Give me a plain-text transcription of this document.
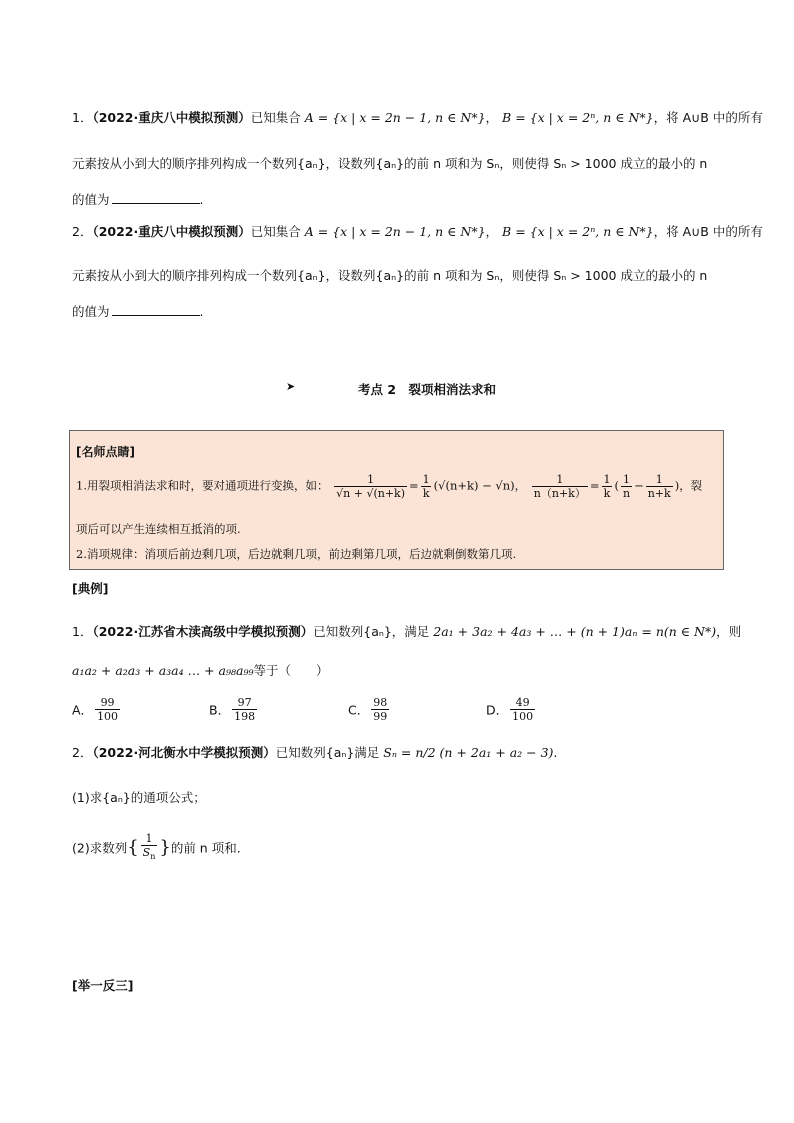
1．（2022·重庆八中模拟预测）已知集合 A = {x | x = 2n − 1, n ∈ N*}， B = {x | x = 2ⁿ, n ∈ N*}，将 A∪B 中的所有
元素按从小到大的顺序排列构成一个数列{aₙ}，设数列{aₙ}的前 n 项和为 Sₙ，则使得 Sₙ > 1000 成立的最小的 n
的值为	.
2．（2022·重庆八中模拟预测）已知集合 A = {x | x = 2n − 1, n ∈ N*}， B = {x | x = 2ⁿ, n ∈ N*}，将 A∪B 中的所有
元素按从小到大的顺序排列构成一个数列{aₙ}，设数列{aₙ}的前 n 项和为 Sₙ，则使得 Sₙ > 1000 成立的最小的 n
的值为	.
➤	考点 2　裂项相消法求和
[名师点睛]
1.用裂项相消法求和时，要对通项进行变换，如： $\frac{1}{√n + √(n+k)} = \frac{1}{k} (√(n+k) - √n)$， $\frac{1}{n(n+k)} = \frac{1}{k}$ ( $\frac{1}{n} - \frac{1}{n+k}$ )，裂
项后可以产生连续相互抵消的项.
2.消项规律：消项后前边剩几项，后边就剩几项，前边剩第几项，后边就剩倒数第几项.
[典例]
1．（2022·江苏省木渎高级中学模拟预测）已知数列{aₙ}，满足 2a₁ + 3a₂ + 4a₃ + … + (n + 1)aₙ = n(n ∈ N*)，则
a₁a₂ + a₂a₃ + a₃a₄ … + a₉₈a₉₉等于（　　）
A． $\frac{99}{100}$	B． $\frac{97}{198}$	C． $\frac{98}{99}$	D． $\frac{49}{100}$
2．（2022·河北衡水中学模拟预测）已知数列{aₙ}满足 Sₙ = n/2 (n + 2a₁ + a₂ − 3).
(1)求{aₙ}的通项公式；
(2)求数列{ $\frac{1}{S_n}$ }的前 n 项和.
[举一反三]
